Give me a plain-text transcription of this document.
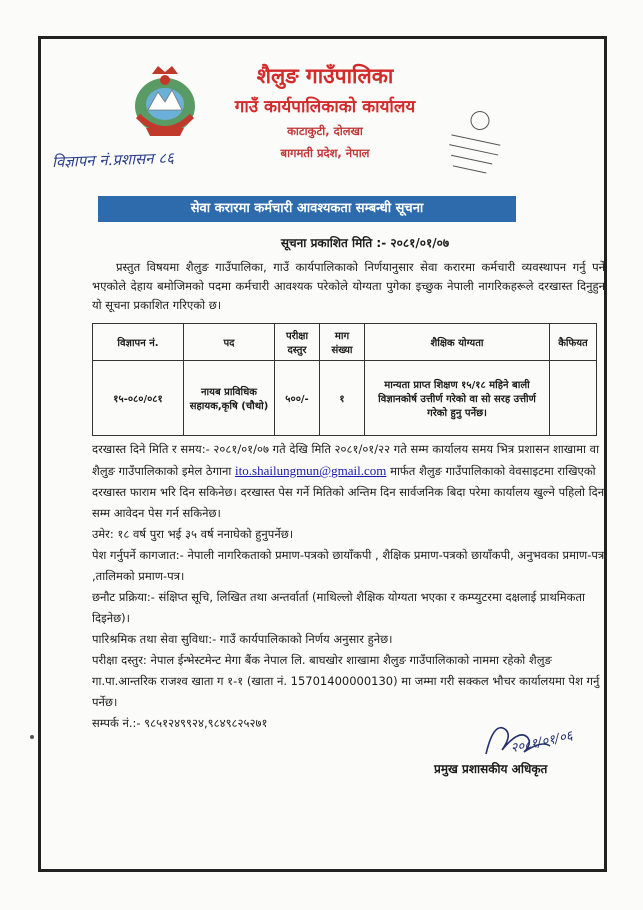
शैलुङ गाउँपालिका
गाउँ कार्यपालिकाको कार्यालय
काटाकुटी, दोलखा
बागमती प्रदेश, नेपाल
विज्ञापन नं.प्रशासन ८६
सेवा करारमा कर्मचारी आवश्यकता सम्बन्धी सूचना
सूचना प्रकाशित मिति :- २०८१/०१/०७
प्रस्तुत विषयमा शैलुङ गाउँपालिका, गाउँ कार्यपालिकाको निर्णयानुसार सेवा करारमा कर्मचारी व्यवस्थापन गर्नु पर्ने भएकोले देहाय बमोजिमको पदमा कर्मचारी आवश्यक परेकोले योग्यता पुगेका इच्छुक नेपाली नागरिकहरूले दरखास्त दिनुहुन यो सूचना प्रकाशित गरिएको छ।
विज्ञापन नं.	पद	परीक्षा दस्तुर	माग संख्या	शैक्षिक योग्यता	कैफियत
१५-०८०/०८१	नायब प्राविधिक सहायक,कृषि (चौथो)	५००/-	१	मान्यता प्राप्त शिक्षण १५/१८ महिने बाली विज्ञानकोर्ष उत्तीर्ण गरेको वा सो सरह उत्तीर्ण गरेको हुनु पर्नेछ।	

दरखास्त दिने मिति र समय:- २०८१/०१/०७ गते देखि मिति २०८१/०१/२२ गते सम्म कार्यालय समय भित्र प्रशासन शाखामा वा शैलुङ गाउँपालिकाको इमेल ठेगाना ito.shailungmun@gmail.com मार्फत शैलुङ गाउँपालिकाको वेवसाइटमा राखिएको दरखास्त फाराम भरि दिन सकिनेछ। दरखास्त पेस गर्ने मितिको अन्तिम दिन सार्वजनिक बिदा परेमा कार्यालय खुल्ने पहिलो दिन सम्म आवेदन पेस गर्न सकिनेछ।

उमेर: १८ वर्ष पुरा भई ३५ वर्ष ननाघेको हुनुपर्नेछ।

पेश गर्नुपर्ने कागजात:- नेपाली नागरिकताको प्रमाण-पत्रको छायाँकपी , शैक्षिक प्रमाण-पत्रको छायाँकपी, अनुभवका प्रमाण-पत्र ,तालिमको प्रमाण-पत्र।

छनौट प्रक्रिया:- संक्षिप्त सूचि, लिखित तथा अन्तर्वार्ता (माथिल्लो शैक्षिक योग्यता भएका र कम्प्युटरमा दक्षलाई प्राथमिकता दिइनेछ)।

पारिश्रमिक तथा सेवा सुविधा:- गाउँ कार्यपालिकाको निर्णय अनुसार हुनेछ।

परीक्षा दस्तुर: नेपाल ईन्भेस्टमेन्ट मेगा बैंक नेपाल लि. बाघखोर शाखामा शैलुङ गाउँपालिकाको नाममा रहेको शैलुङ गा.पा.आन्तरिक राजश्व खाता ग १-१ (खाता नं. 15701400000130) मा जम्मा गरी सक्कल भौचर कार्यालयमा पेश गर्नु पर्नेछ।

सम्पर्क नं.:- ९८५१२४९९२४,९८४९८२५२७१

२०८१/०१/०६
प्रमुख प्रशासकीय अधिकृत
